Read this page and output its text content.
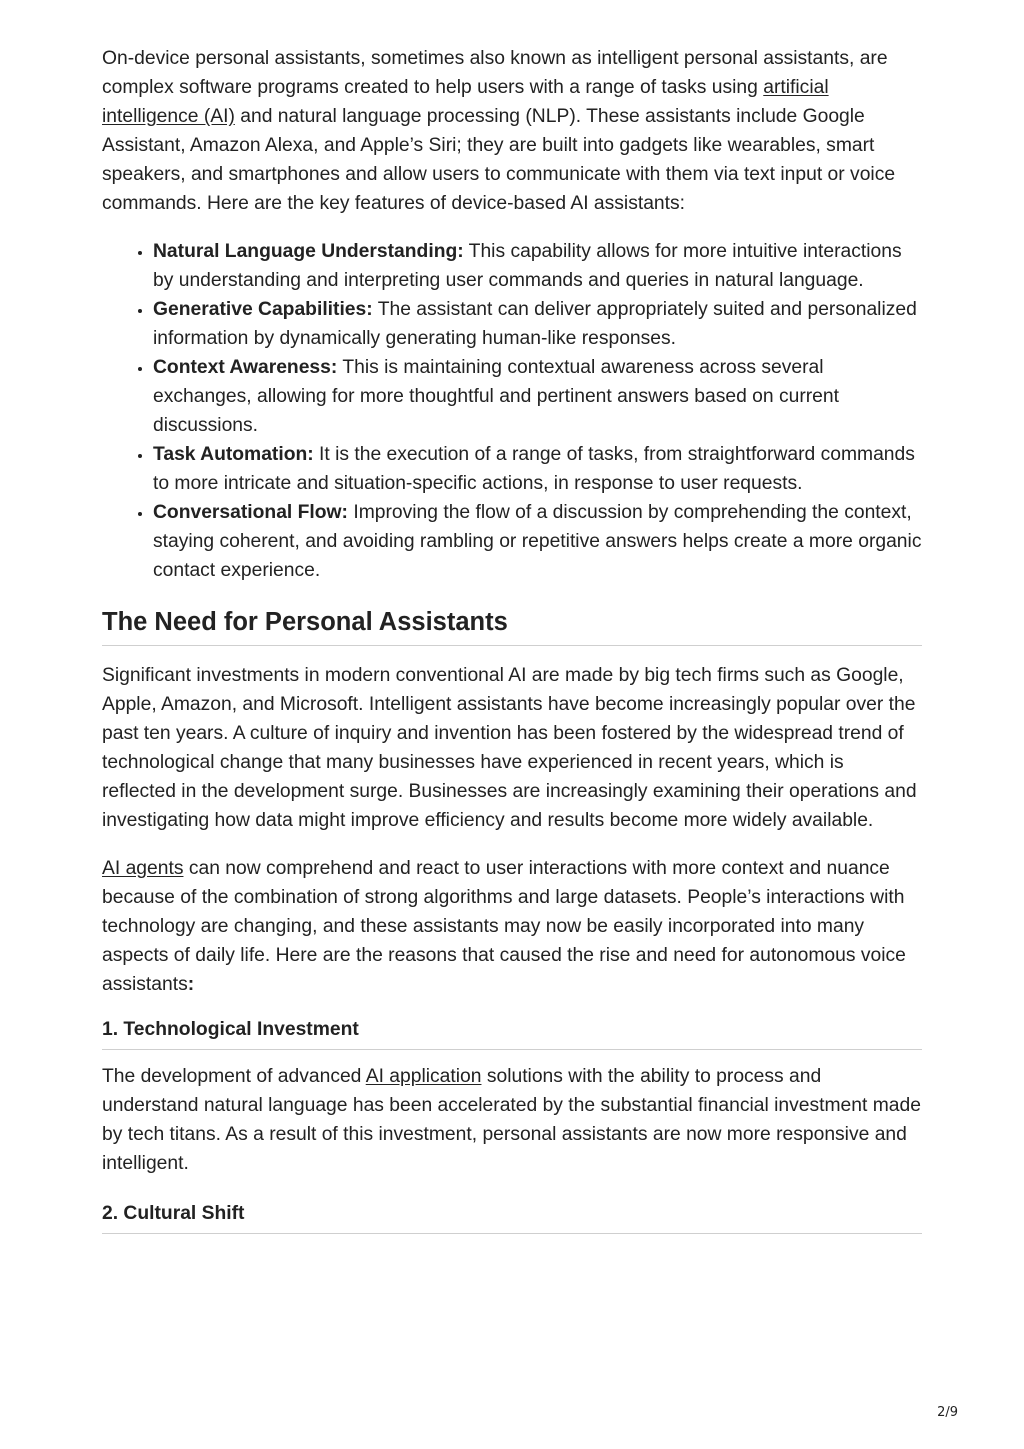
On-device personal assistants, sometimes also known as intelligent personal assistants, are complex software programs created to help users with a range of tasks using artificial intelligence (AI) and natural language processing (NLP). These assistants include Google Assistant, Amazon Alexa, and Apple’s Siri; they are built into gadgets like wearables, smart speakers, and smartphones and allow users to communicate with them via text input or voice commands. Here are the key features of device-based AI assistants:

• Natural Language Understanding: This capability allows for more intuitive interactions by understanding and interpreting user commands and queries in natural language.
• Generative Capabilities: The assistant can deliver appropriately suited and personalized information by dynamically generating human-like responses.
• Context Awareness: This is maintaining contextual awareness across several exchanges, allowing for more thoughtful and pertinent answers based on current discussions.
• Task Automation: It is the execution of a range of tasks, from straightforward commands to more intricate and situation-specific actions, in response to user requests.
• Conversational Flow: Improving the flow of a discussion by comprehending the context, staying coherent, and avoiding rambling or repetitive answers helps create a more organic contact experience.
The Need for Personal Assistants

Significant investments in modern conventional AI are made by big tech firms such as Google, Apple, Amazon, and Microsoft. Intelligent assistants have become increasingly popular over the past ten years. A culture of inquiry and invention has been fostered by the widespread trend of technological change that many businesses have experienced in recent years, which is reflected in the development surge. Businesses are increasingly examining their operations and investigating how data might improve efficiency and results become more widely available.

AI agents can now comprehend and react to user interactions with more context and nuance because of the combination of strong algorithms and large datasets. People’s interactions with technology are changing, and these assistants may now be easily incorporated into many aspects of daily life. Here are the reasons that caused the rise and need for autonomous voice assistants:

1. Technological Investment

The development of advanced AI application solutions with the ability to process and understand natural language has been accelerated by the substantial financial investment made by tech titans. As a result of this investment, personal assistants are now more responsive and intelligent.

2. Cultural Shift
2/9
